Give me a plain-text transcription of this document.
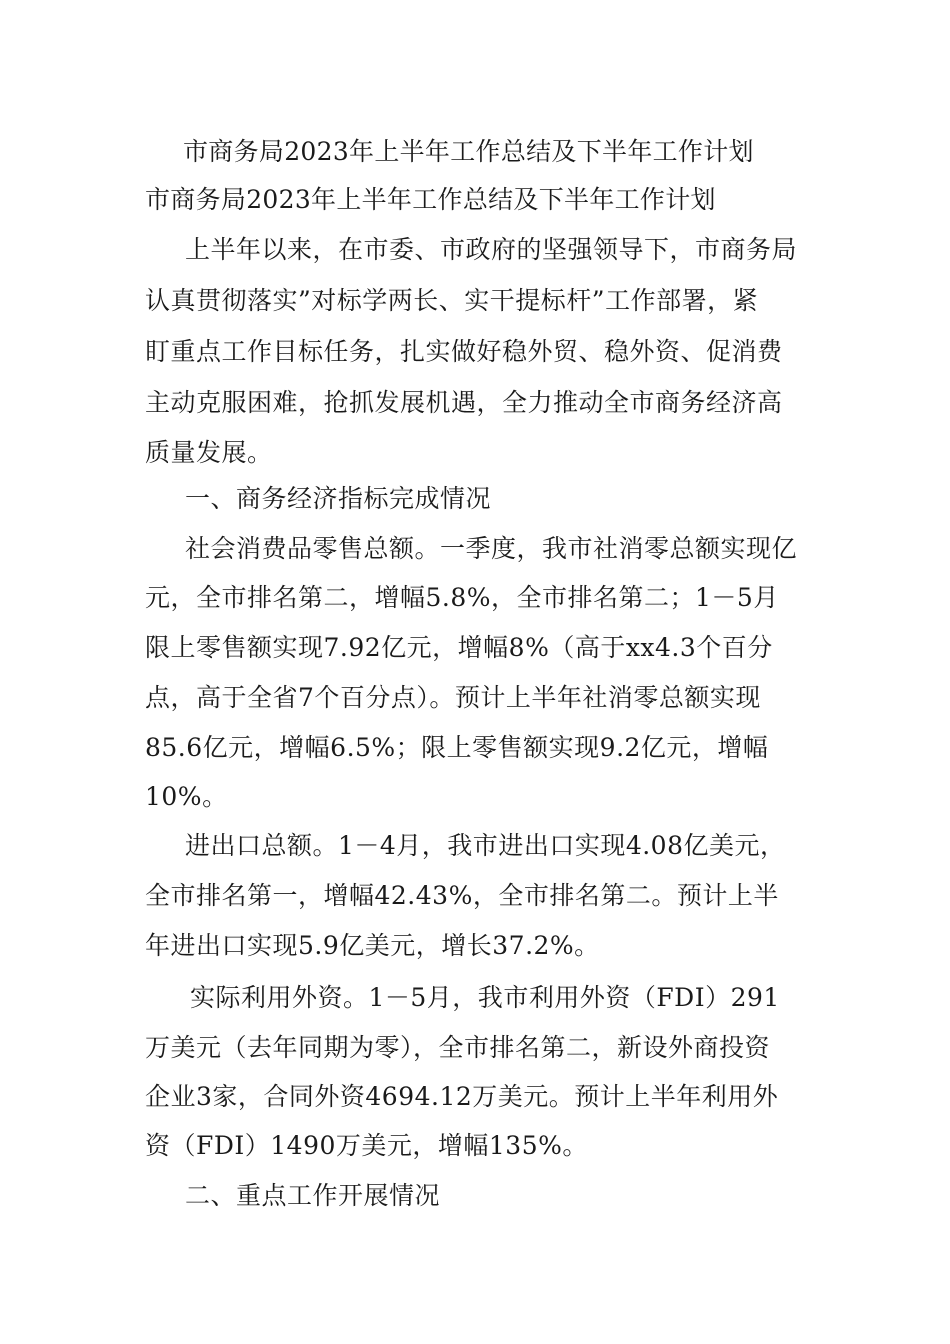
市商务局2023年上半年工作总结及下半年工作计划
市商务局2023年上半年工作总结及下半年工作计划
上半年以来，在市委、市政府的坚强领导下，市商务局
认真贯彻落实”对标学两长、实干提标杆”工作部署，紧
盯重点工作目标任务，扎实做好稳外贸、稳外资、促消费
主动克服困难，抢抓发展机遇，全力推动全市商务经济高
质量发展。
一、商务经济指标完成情况
社会消费品零售总额。一季度，我市社消零总额实现亿
元，全市排名第二，增幅5.8%，全市排名第二；1－5月
限上零售额实现7.92亿元，增幅8%（高于xx4.3个百分
点，高于全省7个百分点）。预计上半年社消零总额实现
85.6亿元，增幅6.5%；限上零售额实现9.2亿元，增幅
10%。
进出口总额。1－4月，我市进出口实现4.08亿美元，
全市排名第一，增幅42.43%，全市排名第二。预计上半
年进出口实现5.9亿美元，增长37.2%。
实际利用外资。1－5月，我市利用外资（FDI）291
万美元（去年同期为零），全市排名第二，新设外商投资
企业3家，合同外资4694.12万美元。预计上半年利用外
资（FDI）1490万美元，增幅135%。
二、重点工作开展情况
